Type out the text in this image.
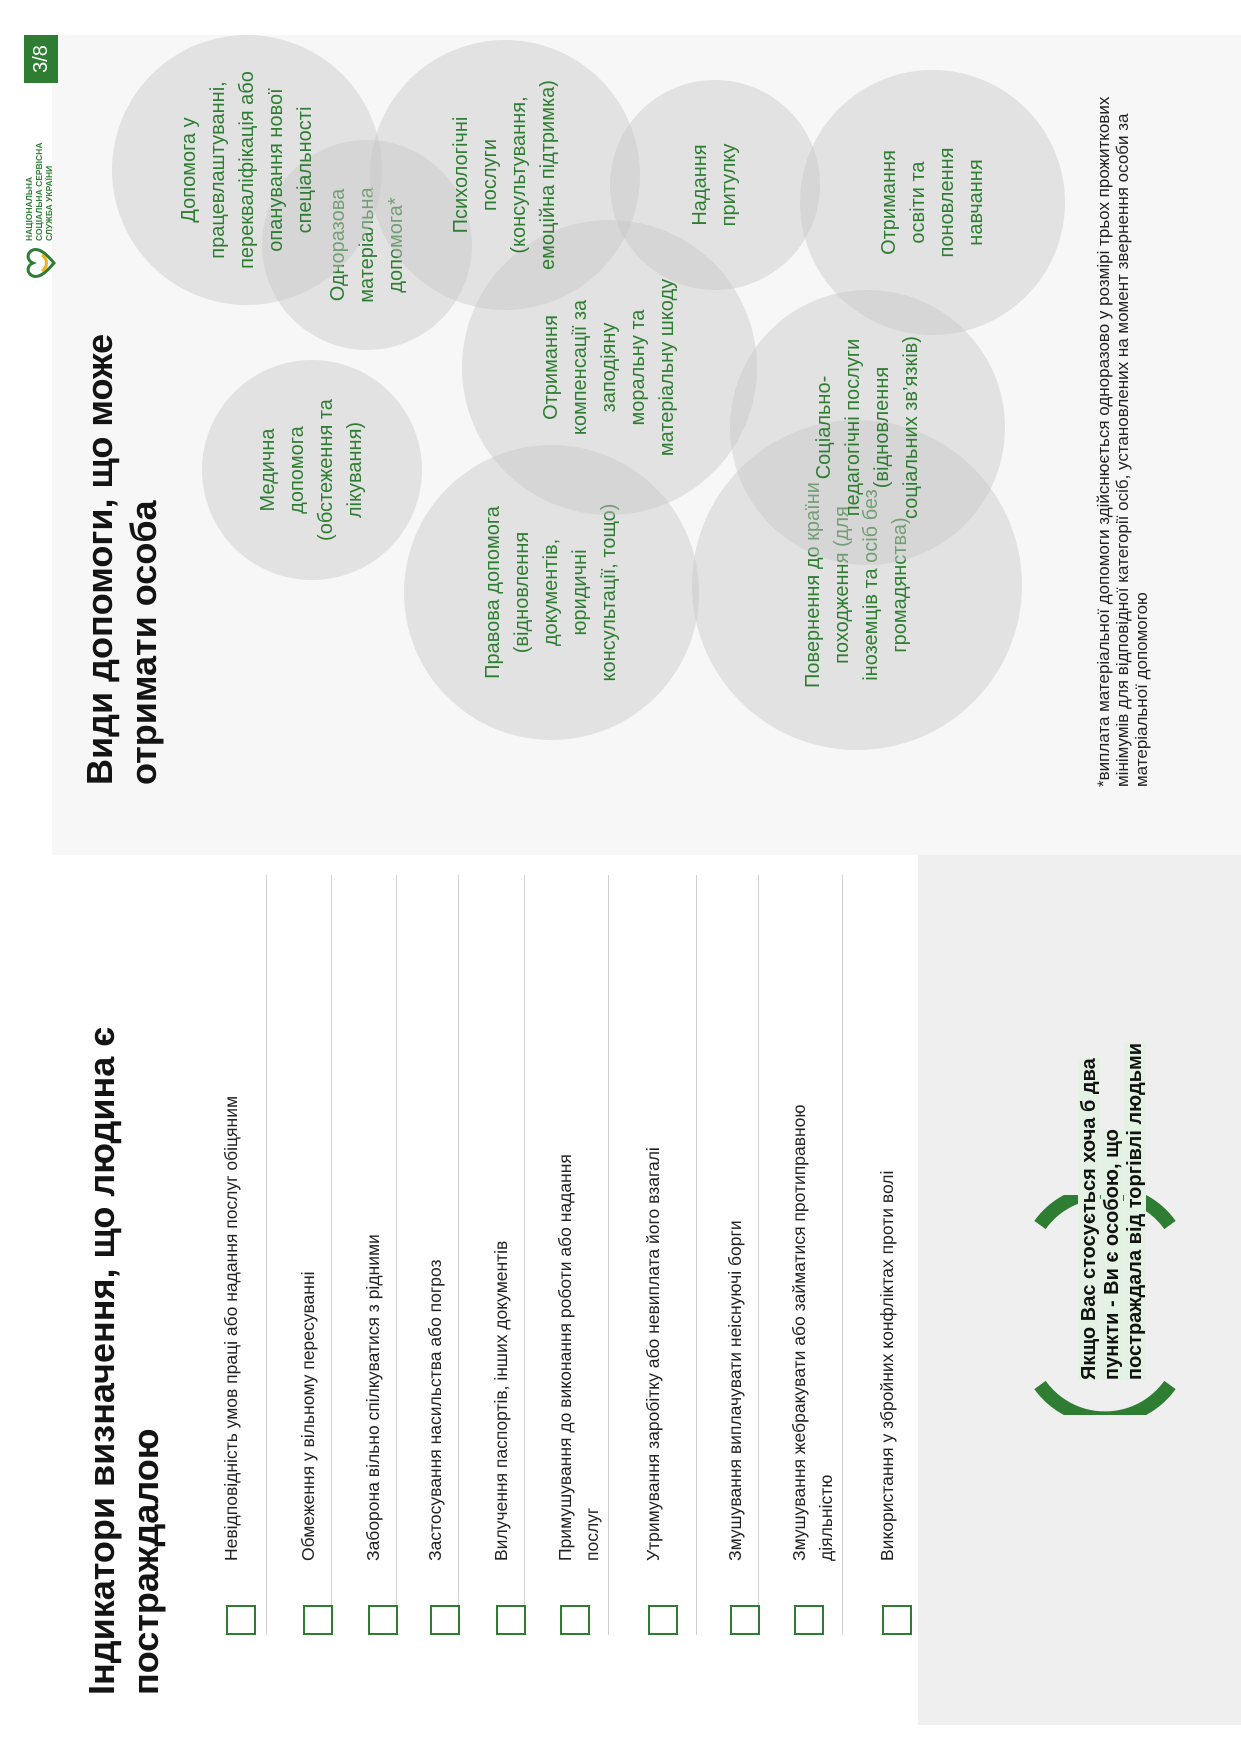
Індикатори визначення, що людина є постраждалою
Невідповідність умов праці або надання послуг обіцяним	Обмеження у вільному пересуванні	Заборона вільно спілкуватися з рідними Застосування насильства або погроз	Вилучення паспортів, інших документів	Примушування до виконання роботи або надання послуг Утримування заробітку або невиплата його взагалі	Змушування виплачувати неіснуючі борги	Змушування жебракувати або займатися протиправною діяльністю Використання у збройних конфліктах проти волі	Якщо Вас стосується хоча б два пункти - Ви є особою, що постраждала від торгівлі людьми
Види допомоги, що може отримати особа
Медична допомога (обстеження та лікування)
Одноразова матеріальна допомога*
Допомога у працевлаштуванні, перекваліфікація або опанування нової спеціальності
Правова допомога (відновлення документів, юридичні консультації, тощо)
Отримання компенсації за заподіяну моральну та матеріальну шкоду
Психологічні послуги (консультування, емоційна підтримка)	Надання притулку
Повернення до країни походження (для іноземців та осіб без громадянства)
Соціально-педагогічні послуги (відновлення соціальних зв’язків)
Отримання освіти та поновлення навчання	*виплата матеріальної допомоги здійснюється одноразово у розмірі трьох прожиткових мінімумів для відповідної категорії осіб, установлених на момент звернення особи за матеріальної допомогою
НАЦІОНАЛЬНА СОЦІАЛЬНА СЕРВІСНА СЛУЖБА УКРАЇНИ
3/8
